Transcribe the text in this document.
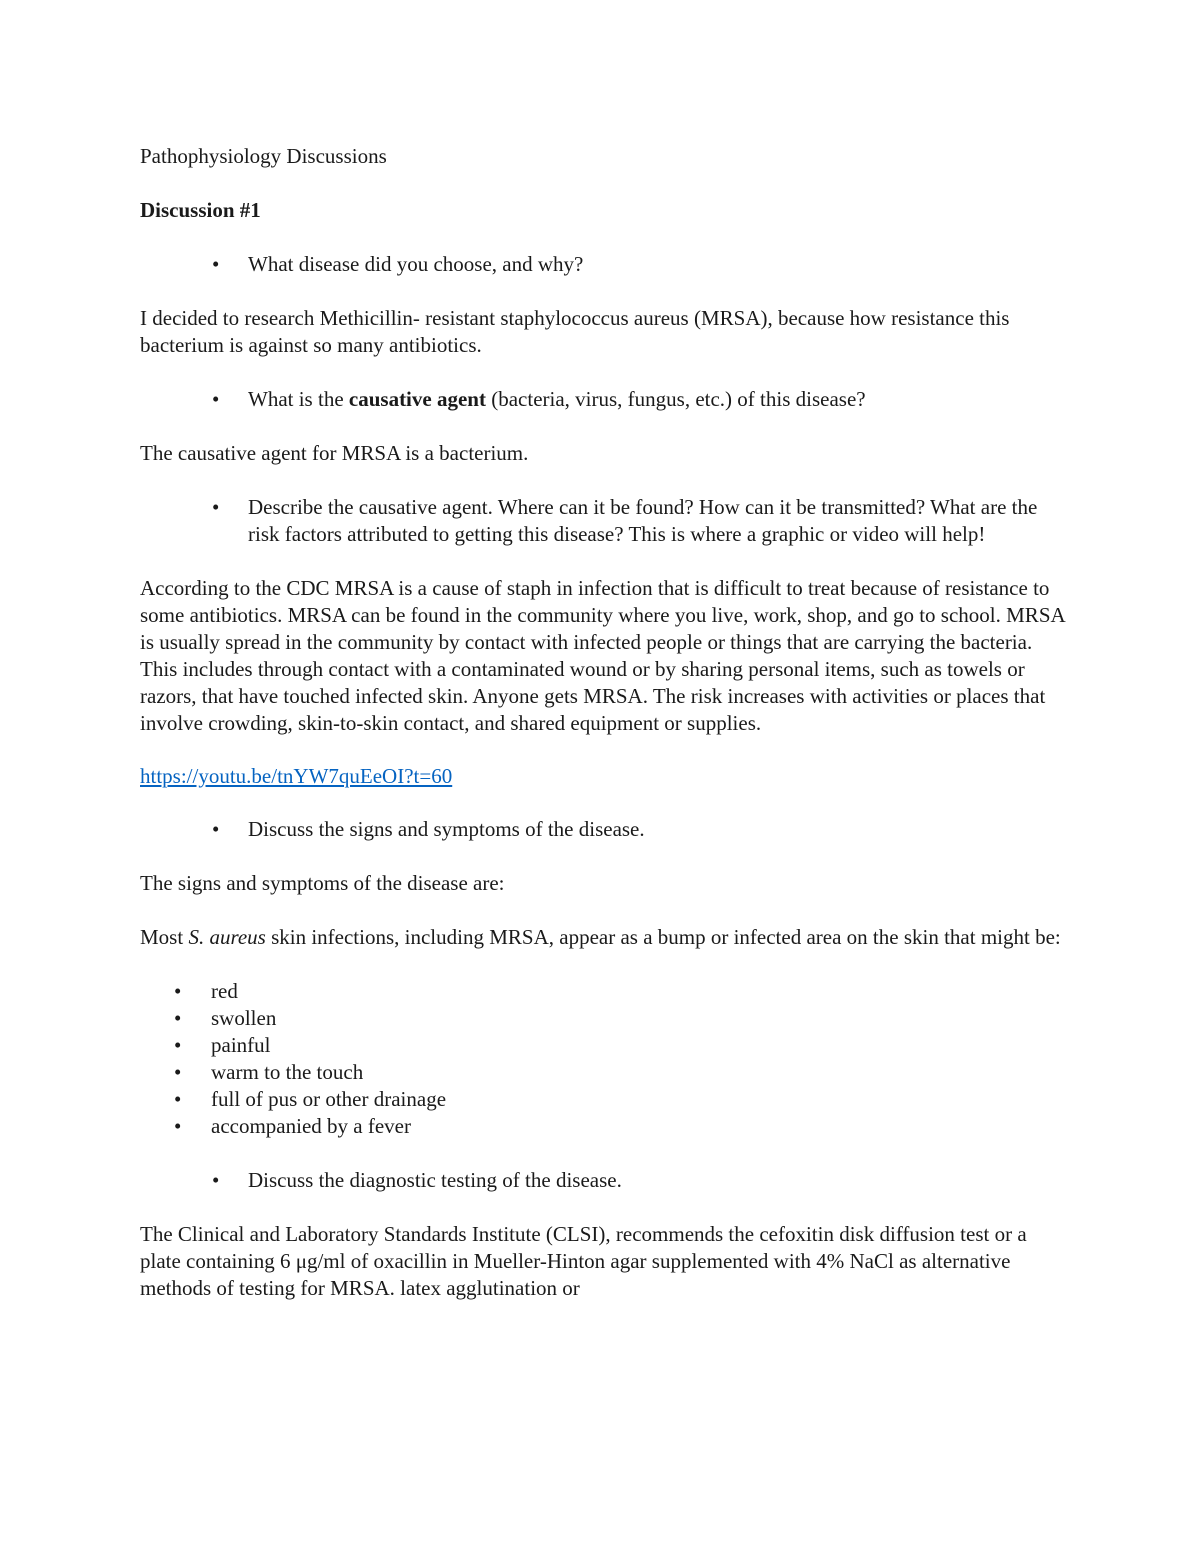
Pathophysiology Discussions

Discussion #1

• What disease did you choose, and why?

I decided to research Methicillin- resistant staphylococcus aureus (MRSA), because how resistance this bacterium is against so many antibiotics.

• What is the causative agent (bacteria, virus, fungus, etc.) of this disease?

The causative agent for MRSA is a bacterium.

• Describe the causative agent. Where can it be found? How can it be transmitted? What are the risk factors attributed to getting this disease? This is where a graphic or video will help!

According to the CDC MRSA is a cause of staph in infection that is difficult to treat because of resistance to some antibiotics. MRSA can be found in the community where you live, work, shop, and go to school. MRSA is usually spread in the community by contact with infected people or things that are carrying the bacteria. This includes through contact with a contaminated wound or by sharing personal items, such as towels or razors, that have touched infected skin. Anyone gets MRSA. The risk increases with activities or places that involve crowding, skin-to-skin contact, and shared equipment or supplies.

https://youtu.be/tnYW7quEeOI?t=60
• Discuss the signs and symptoms of the disease.

The signs and symptoms of the disease are:

Most S. aureus skin infections, including MRSA, appear as a bump or infected area on the skin that might be:

• red
• swollen
• painful
• warm to the touch
• full of pus or other drainage
• accompanied by a fever
• Discuss the diagnostic testing of the disease.

The Clinical and Laboratory Standards Institute (CLSI), recommends the cefoxitin disk diffusion test or a plate containing 6 μg/ml of oxacillin in Mueller-Hinton agar supplemented with 4% NaCl as alternative methods of testing for MRSA. latex agglutination or
